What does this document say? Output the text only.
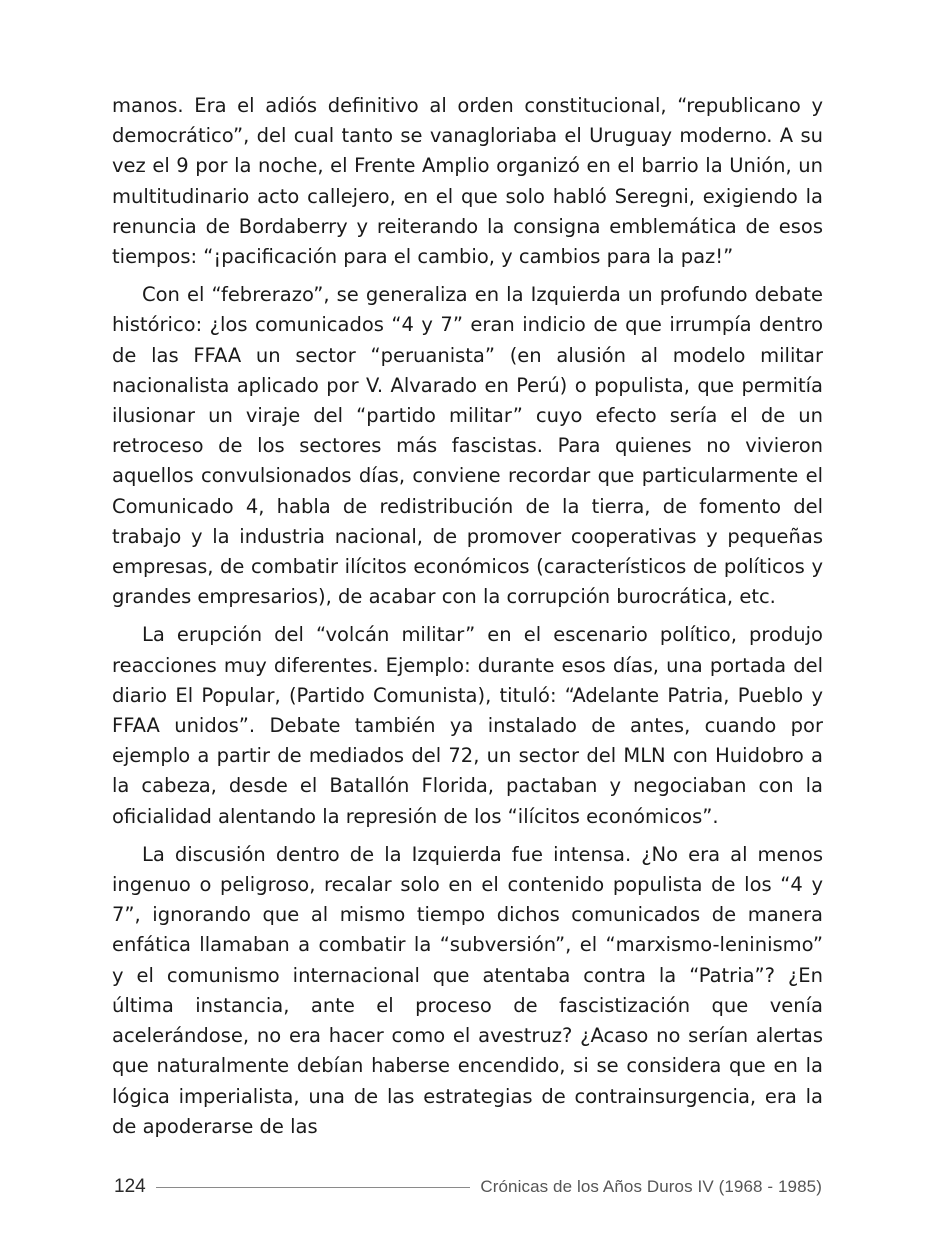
manos. Era el adiós definitivo al orden constitucional, “republicano y democrático”, del cual tanto se vanagloriaba el Uruguay moderno. A su vez el 9 por la noche, el Frente Amplio organizó en el barrio la Unión, un multitudinario acto callejero, en el que solo habló Seregni, exigiendo la renuncia de Bordaberry y reiterando la consigna emblemática de esos tiempos: “¡pacificación para el cambio, y cambios para la paz!”

Con el “febrerazo”, se generaliza en la Izquierda un profundo debate histórico: ¿los comunicados “4 y 7” eran indicio de que irrumpía dentro de las FFAA un sector “peruanista” (en alusión al modelo militar nacionalista aplicado por V. Alvarado en Perú) o populista, que permitía ilusionar un viraje del “partido militar” cuyo efecto sería el de un retroceso de los sectores más fascistas. Para quienes no vivieron aquellos convulsionados días, conviene recordar que particularmente el Comunicado 4, habla de redistribución de la tierra, de fomento del trabajo y la industria nacional, de promover cooperativas y pequeñas empresas, de combatir ilícitos económicos (característicos de políticos y grandes empresarios), de acabar con la corrupción burocrática, etc.

La erupción del “volcán militar” en el escenario político, produjo reacciones muy diferentes. Ejemplo: durante esos días, una portada del diario El Popular, (Partido Comunista), tituló: “Adelante Patria, Pueblo y FFAA unidos”. Debate también ya instalado de antes, cuando por ejemplo a partir de mediados del 72, un sector del MLN con Huidobro a la cabeza, desde el Batallón Florida, pactaban y negociaban con la oficialidad alentando la represión de los “ilícitos económicos”.

La discusión dentro de la Izquierda fue intensa. ¿No era al menos ingenuo o peligroso, recalar solo en el contenido populista de los “4 y 7”, ignorando que al mismo tiempo dichos comunicados de manera enfática llamaban a combatir la “subversión”, el “marxismo-leninismo” y el comunismo internacional que atentaba contra la “Patria”? ¿En última instancia, ante el proceso de fascistización que venía acelerándose, no era hacer como el avestruz? ¿Acaso no serían alertas que naturalmente debían haberse encendido, si se considera que en la lógica imperialista, una de las estrategias de contrainsurgencia, era la de apoderarse de las

124	Crónicas de los Años Duros IV (1968 - 1985)
